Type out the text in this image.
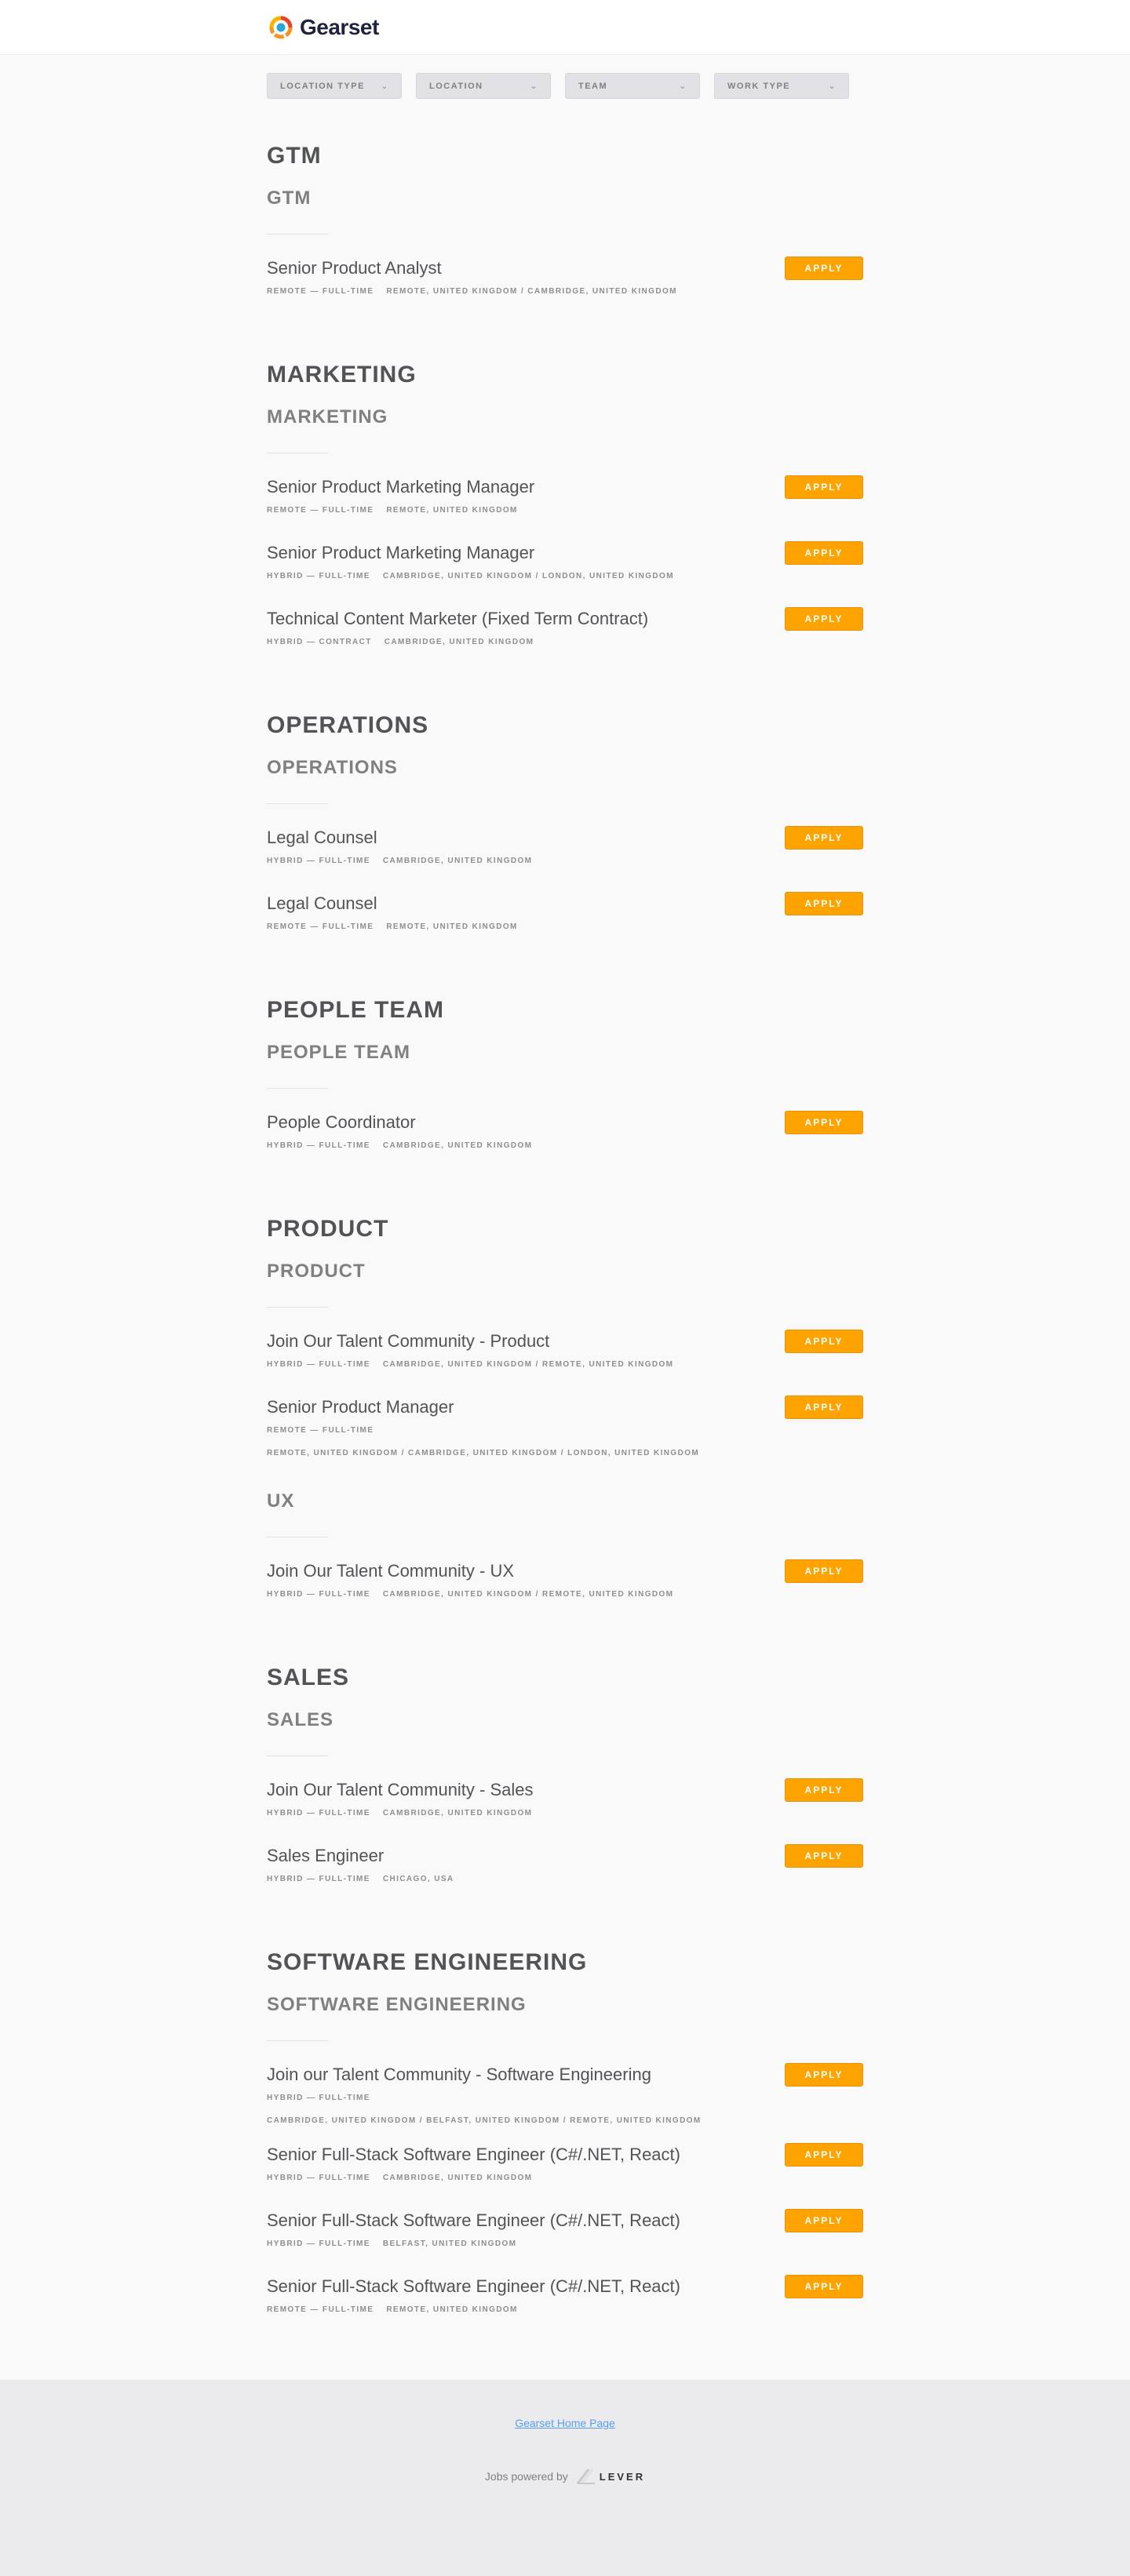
Gearset
LOCATION TYPE ⌄	LOCATION	⌄	TEAM	⌄	WORK TYPE	⌄
GTM
GTM
Senior Product Analyst
REMOTE — FULL-TIME REMOTE, UNITED KINGDOM / CAMBRIDGE, UNITED KINGDOM
APPLY
MARKETING
MARKETING
Senior Product Marketing Manager
REMOTE — FULL-TIME REMOTE, UNITED KINGDOM
APPLY
Senior Product Marketing Manager
HYBRID — FULL-TIME CAMBRIDGE, UNITED KINGDOM / LONDON, UNITED KINGDOM
APPLY
Technical Content Marketer (Fixed Term Contract)
HYBRID — CONTRACT CAMBRIDGE, UNITED KINGDOM
APPLY
OPERATIONS
OPERATIONS
Legal Counsel
HYBRID — FULL-TIME CAMBRIDGE, UNITED KINGDOM
APPLY
Legal Counsel
REMOTE — FULL-TIME REMOTE, UNITED KINGDOM
APPLY
PEOPLE TEAM
PEOPLE TEAM
People Coordinator
HYBRID — FULL-TIME CAMBRIDGE, UNITED KINGDOM
APPLY
PRODUCT
PRODUCT
Join Our Talent Community - Product
HYBRID — FULL-TIME CAMBRIDGE, UNITED KINGDOM / REMOTE, UNITED KINGDOM
APPLY
Senior Product Manager
REMOTE — FULL-TIME
REMOTE, UNITED KINGDOM / CAMBRIDGE, UNITED KINGDOM / LONDON, UNITED KINGDOM
APPLY
UX
Join Our Talent Community - UX
HYBRID — FULL-TIME CAMBRIDGE, UNITED KINGDOM / REMOTE, UNITED KINGDOM
APPLY
SALES
SALES
Join Our Talent Community - Sales
HYBRID — FULL-TIME CAMBRIDGE, UNITED KINGDOM
APPLY
Sales Engineer
HYBRID — FULL-TIME CHICAGO, USA
APPLY
SOFTWARE ENGINEERING
SOFTWARE ENGINEERING
Join our Talent Community - Software Engineering
HYBRID — FULL-TIME
CAMBRIDGE, UNITED KINGDOM / BELFAST, UNITED KINGDOM / REMOTE, UNITED KINGDOM
APPLY
Senior Full-Stack Software Engineer (C#/.NET, React)
HYBRID — FULL-TIME CAMBRIDGE, UNITED KINGDOM
APPLY
Senior Full-Stack Software Engineer (C#/.NET, React)
HYBRID — FULL-TIME BELFAST, UNITED KINGDOM
APPLY
Senior Full-Stack Software Engineer (C#/.NET, React)
REMOTE — FULL-TIME REMOTE, UNITED KINGDOM
APPLY
Gearset Home Page
Jobs powered by	LEVER
